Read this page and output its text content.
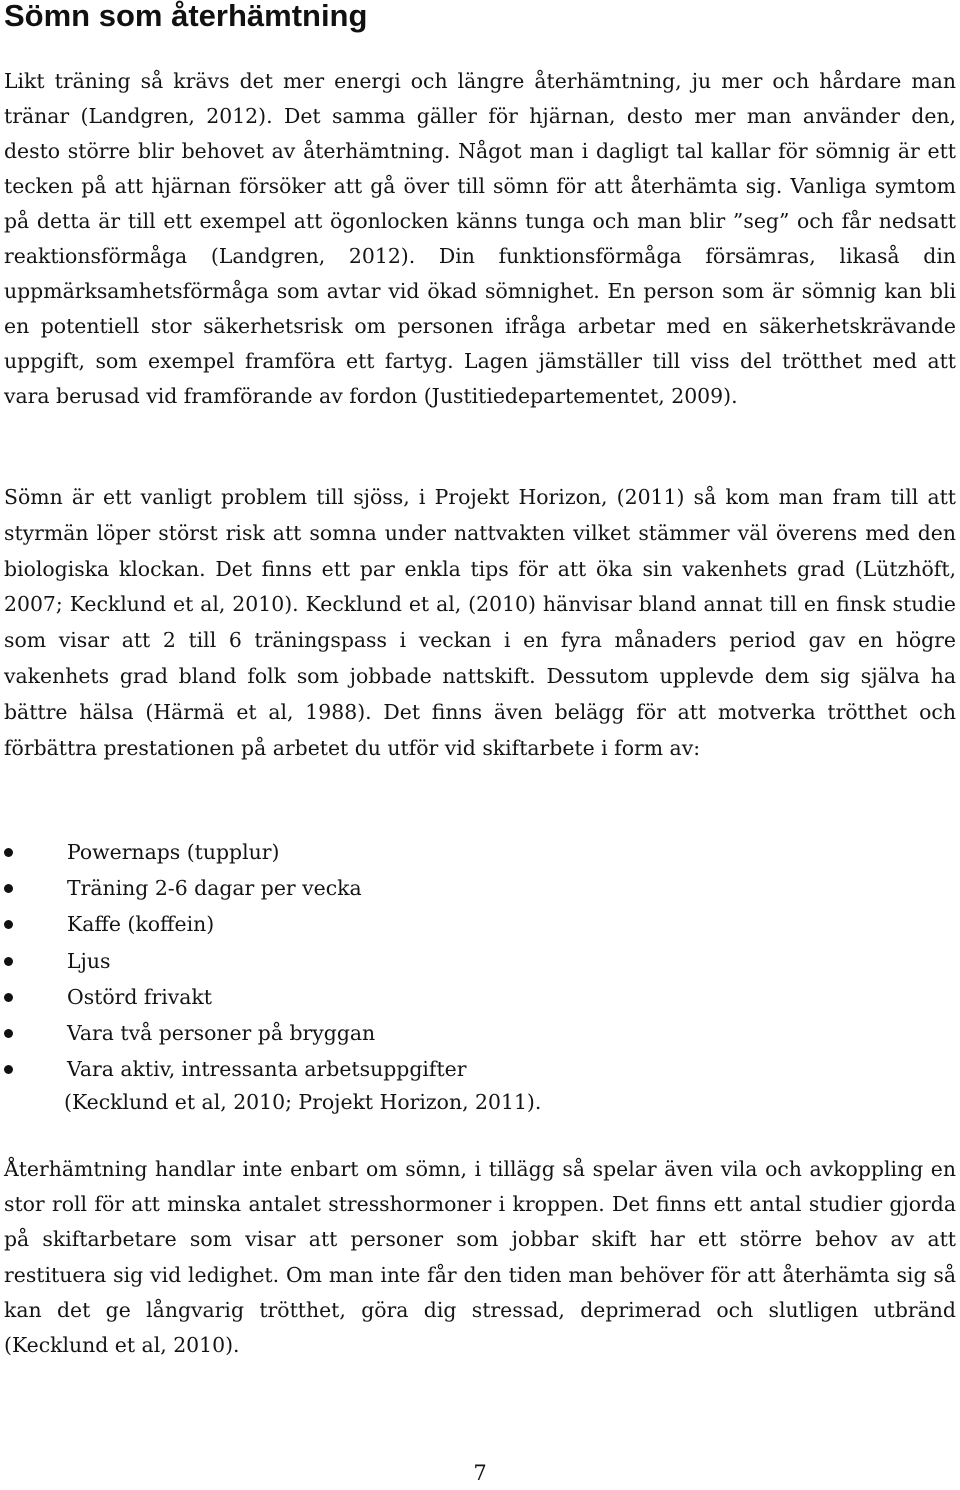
Sömn som återhämtning

Likt träning så krävs det mer energi och längre återhämtning, ju mer och hårdare man tränar (Landgren, 2012). Det samma gäller för hjärnan, desto mer man använder den, desto större blir behovet av återhämtning. Något man i dagligt tal kallar för sömnig är ett tecken på att hjärnan försöker att gå över till sömn för att återhämta sig. Vanliga symtom på detta är till ett exempel att ögonlocken känns tunga och man blir ”seg” och får nedsatt reaktionsförmåga (Landgren, 2012). Din funktionsförmåga försämras, likaså din uppmärksamhetsförmåga som avtar vid ökad sömnighet. En person som är sömnig kan bli en potentiell stor säkerhetsrisk om personen ifråga arbetar med en säkerhetskrävande uppgift, som exempel framföra ett fartyg. Lagen jämställer till viss del trötthet med att vara berusad vid framförande av fordon (Justitiedepartementet, 2009).

Sömn är ett vanligt problem till sjöss, i Projekt Horizon, (2011) så kom man fram till att styrmän löper störst risk att somna under nattvakten vilket stämmer väl överens med den biologiska klockan. Det finns ett par enkla tips för att öka sin vakenhets grad (Lützhöft, 2007; Kecklund et al, 2010). Kecklund et al, (2010) hänvisar bland annat till en finsk studie som visar att 2 till 6 träningspass i veckan i en fyra månaders period gav en högre vakenhets grad bland folk som jobbade nattskift. Dessutom upplevde dem sig själva ha bättre hälsa (Härmä et al, 1988). Det finns även belägg för att motverka trötthet och förbättra prestationen på arbetet du utför vid skiftarbete i form av:

Powernaps (tupplur)
Träning 2-6 dagar per vecka
Kaffe (koffein)
Ljus
Ostörd frivakt
Vara två personer på bryggan
Vara aktiv, intressanta arbetsuppgifter

(Kecklund et al, 2010; Projekt Horizon, 2011).

Återhämtning handlar inte enbart om sömn, i tillägg så spelar även vila och avkoppling en stor roll för att minska antalet stresshormoner i kroppen. Det finns ett antal studier gjorda på skiftarbetare som visar att personer som jobbar skift har ett större behov av att restituera sig vid ledighet. Om man inte får den tiden man behöver för att återhämta sig så kan det ge långvarig trötthet, göra dig stressad, deprimerad och slutligen utbränd (Kecklund et al, 2010).

7
